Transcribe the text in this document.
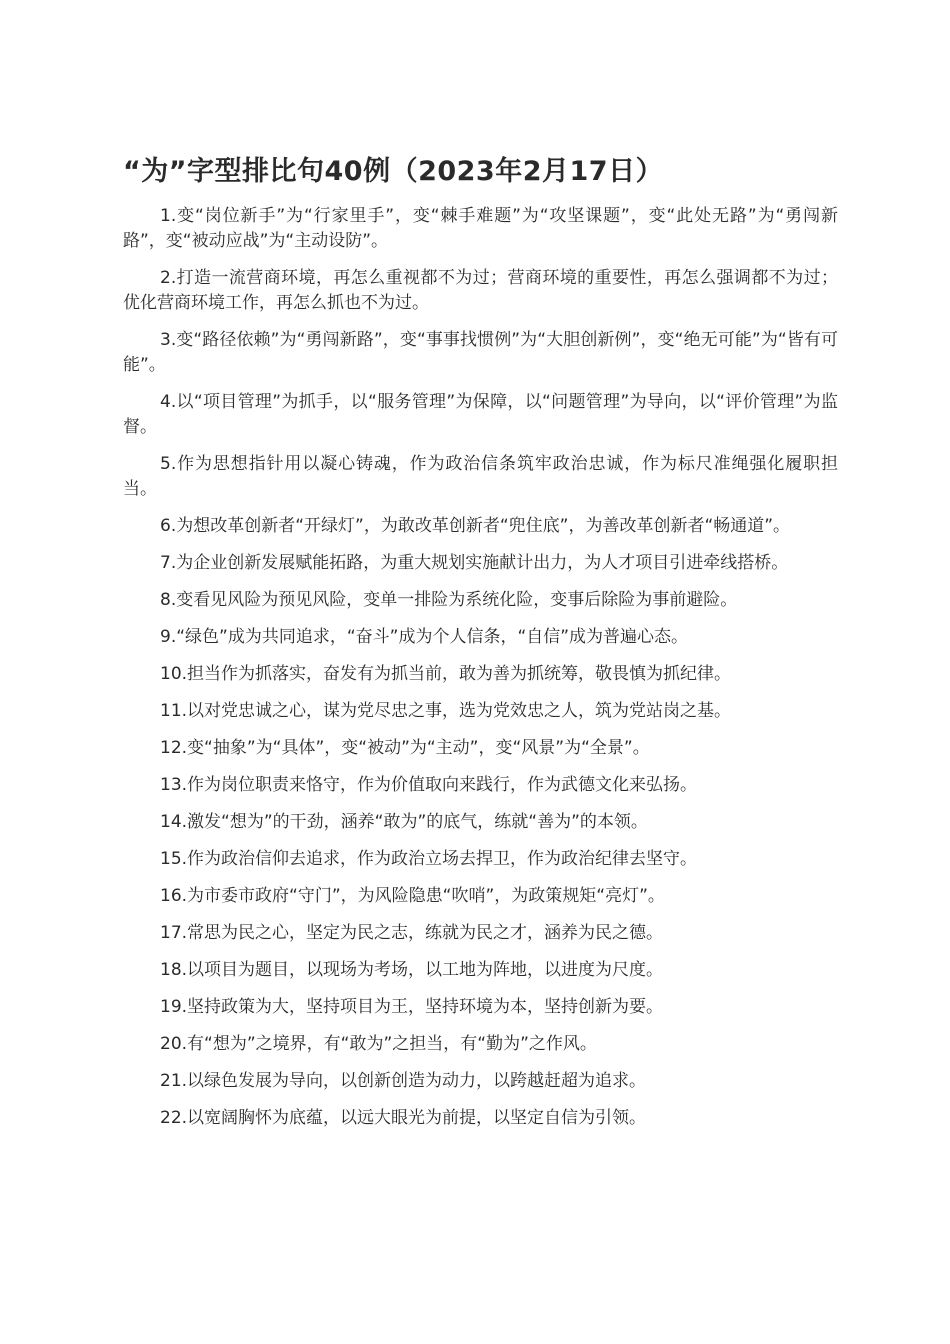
“为”字型排比句40例（2023年2月17日）

1.变“岗位新手”为“行家里手”，变“棘手难题”为“攻坚课题”，变“此处无路”为“勇闯新路”，变“被动应战”为“主动设防”。

2.打造一流营商环境，再怎么重视都不为过；营商环境的重要性，再怎么强调都不为过；优化营商环境工作，再怎么抓也不为过。

3.变“路径依赖”为“勇闯新路”，变“事事找惯例”为“大胆创新例”，变“绝无可能”为“皆有可能”。

4.以“项目管理”为抓手，以“服务管理”为保障，以“问题管理”为导向，以“评价管理”为监督。

5.作为思想指针用以凝心铸魂，作为政治信条筑牢政治忠诚，作为标尺准绳强化履职担当。

6.为想改革创新者“开绿灯”，为敢改革创新者“兜住底”，为善改革创新者“畅通道”。

7.为企业创新发展赋能拓路，为重大规划实施献计出力，为人才项目引进牵线搭桥。

8.变看见风险为预见风险，变单一排险为系统化险，变事后除险为事前避险。

9.“绿色”成为共同追求，“奋斗”成为个人信条，“自信”成为普遍心态。

10.担当作为抓落实，奋发有为抓当前，敢为善为抓统筹，敬畏慎为抓纪律。

11.以对党忠诚之心，谋为党尽忠之事，选为党效忠之人，筑为党站岗之基。

12.变“抽象”为“具体”，变“被动”为“主动”，变“风景”为“全景”。

13.作为岗位职责来恪守，作为价值取向来践行，作为武德文化来弘扬。

14.激发“想为”的干劲，涵养“敢为”的底气，练就“善为”的本领。

15.作为政治信仰去追求，作为政治立场去捍卫，作为政治纪律去坚守。

16.为市委市政府“守门”，为风险隐患“吹哨”，为政策规矩“亮灯”。

17.常思为民之心，坚定为民之志，练就为民之才，涵养为民之德。

18.以项目为题目，以现场为考场，以工地为阵地，以进度为尺度。

19.坚持政策为大，坚持项目为王，坚持环境为本，坚持创新为要。

20.有“想为”之境界，有“敢为”之担当，有“勤为”之作风。

21.以绿色发展为导向，以创新创造为动力，以跨越赶超为追求。

22.以宽阔胸怀为底蕴，以远大眼光为前提，以坚定自信为引领。
